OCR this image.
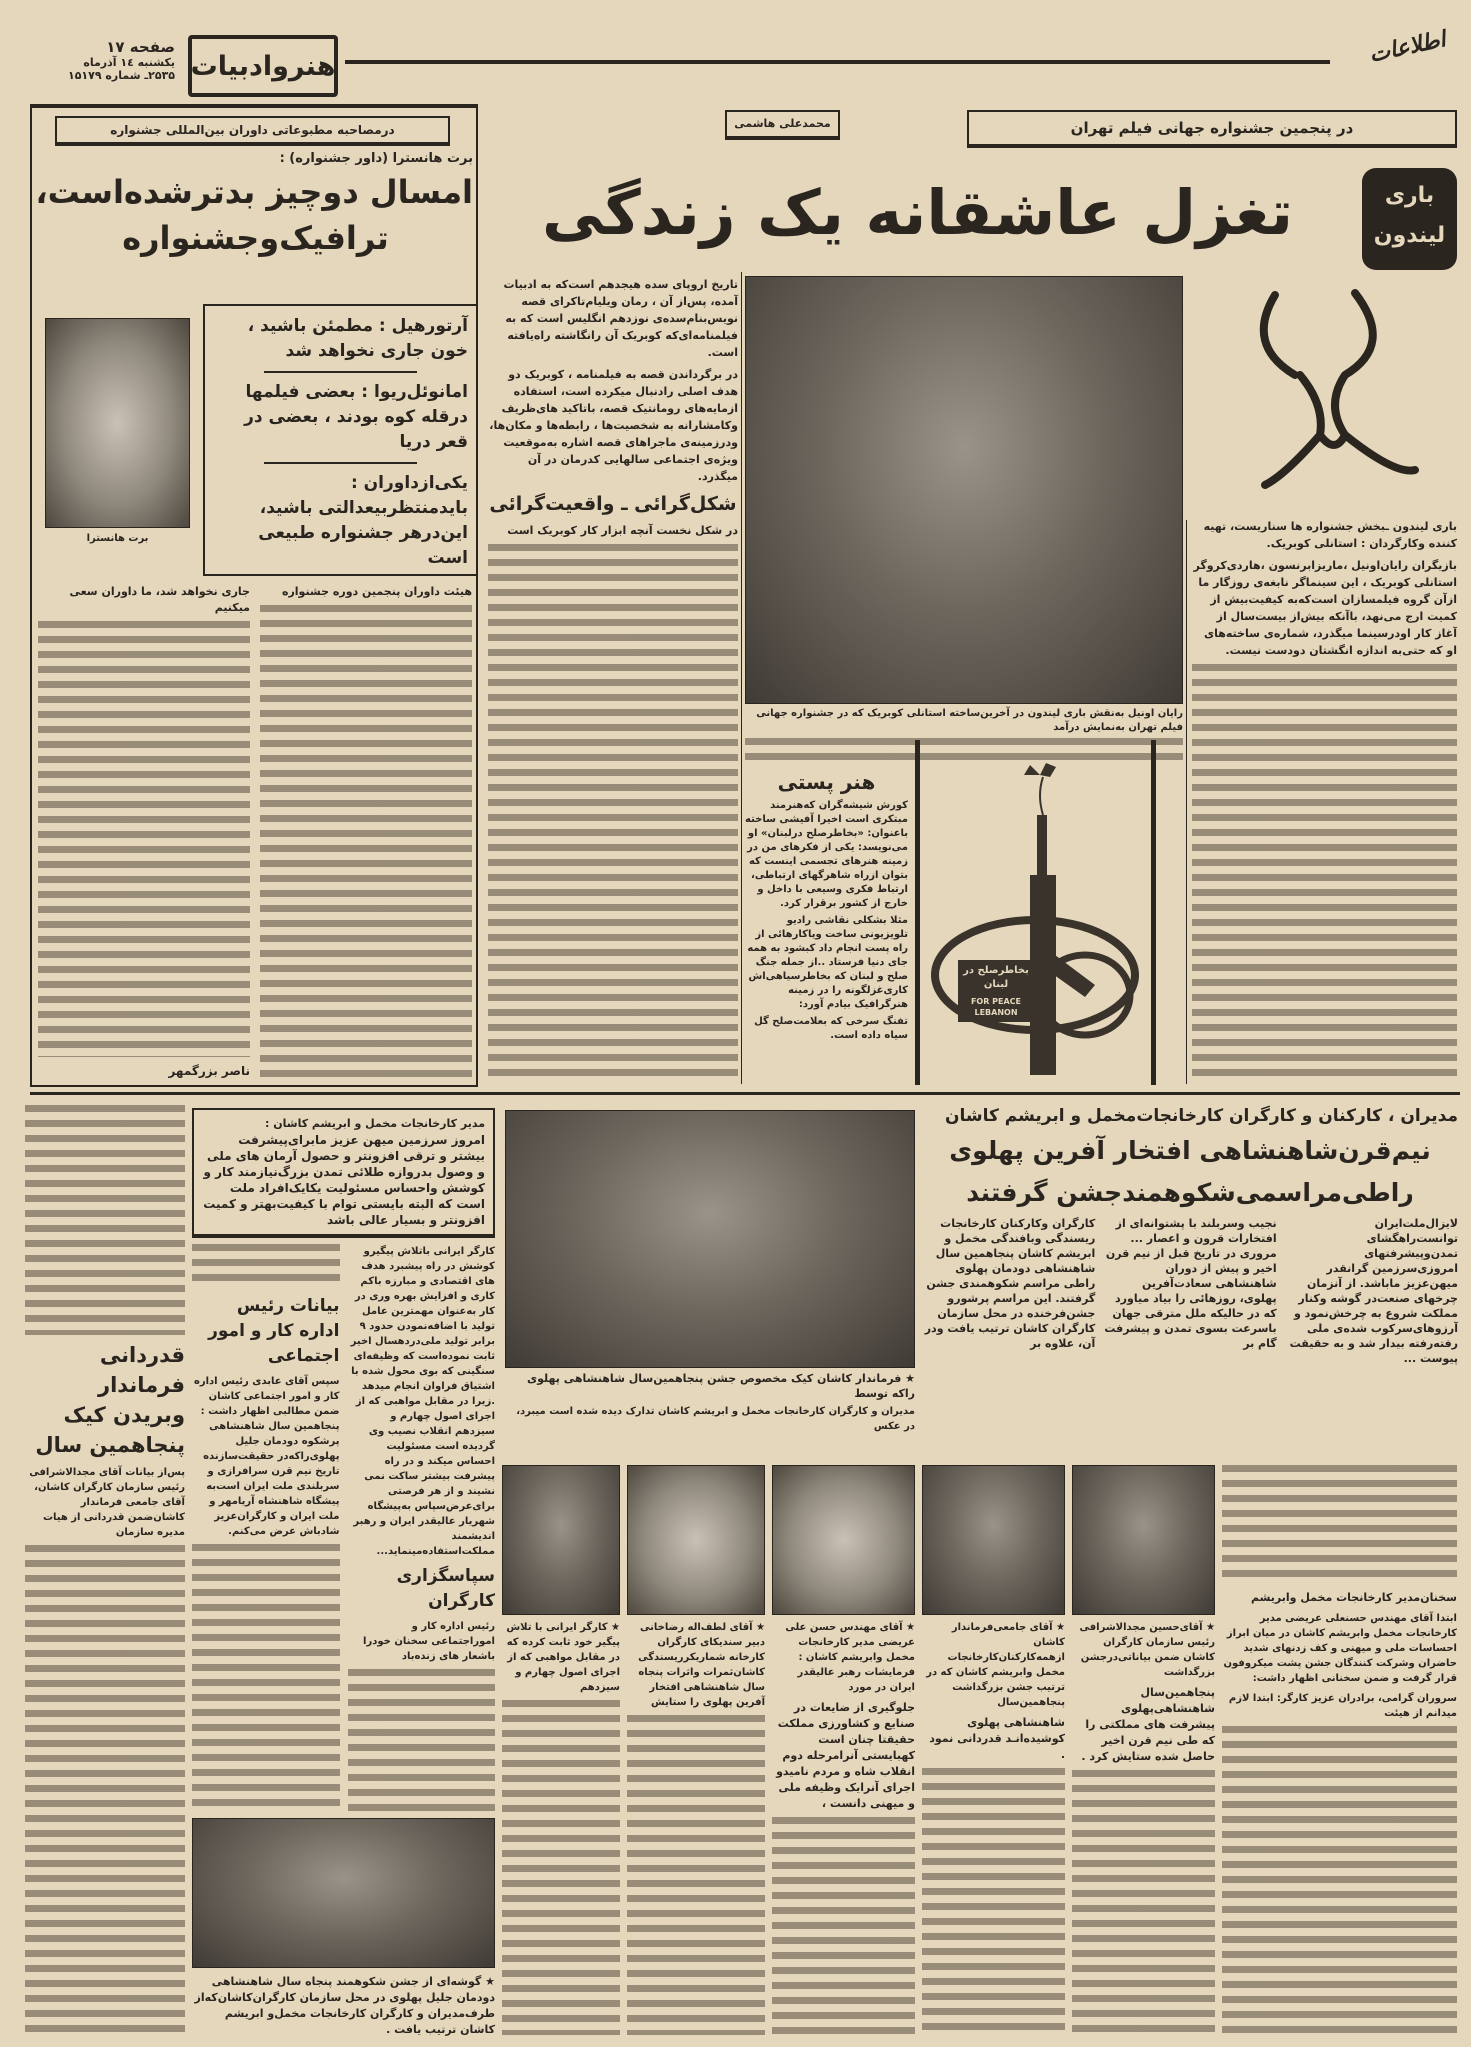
اطلاعات
هنروادبیات
صفحه ۱۷
یکشنبه ۱٤ آذرماه
۲۵۳۵ـ شماره ۱۵۱۷۹
درمصاحبه مطبوعاتی داوران بین‌المللی جشنواره
برت هانسترا (داور جشنواره) :
امسال دوچیز بدترشده‌است،
ترافیک‌وجشنواره
برت هانسترا
آرتورهیل : مطمئن باشید ، خون جاری نخواهد شد
امانوئل‌ریوا : بعضی فیلمها درقله کوه بودند ، بعضی در قعر دریا
یکی‌ازداوران : بایدمنتظربیعدالتی باشید، این‌درهر جشنواره طبیعی است
هیئت داوران پنجمین دوره جشنواره
جاری نخواهد شد، ما داوران سعی میکنیم
ناصر بزرگمهر
در پنجمین جشنواره جهانی فیلم تهران
محمدعلی هاشمی
باری
لیندون
تغزل عاشقانه یک زندگی
تاریخ اروپای سده هیجدهم است‌که به ادبیات آمده، پس‌از آن ، رمان ویلیام‌تاکرای قصه نویس‌بنام‌سده‌ی نوزدهم انگلیس است که به فیلمنامه‌ای‌که کوبریک آن رانگاشته راه‌یافته است.
در برگرداندن قصه به فیلمنامه ، کوبریک دو هدف اصلی رادنبال میکرده است، استفاده ازمایه‌های رومانتیک قصه، باتاکید های‌ظریف وکامشارانه به شخصیت‌ها ، رابطه‌ها و مکان‌ها، ودرزمینه‌ی ماجراهای قصه اشاره به‌موقعیت ویژه‌ی اجتماعی سالهایی کدرمان در آن میگذرد.
شکل‌گرائی ـ واقعیت‌گرائی
در شکل نخست آنچه ابزار کار کوبریک است
رایان اونیل به‌نقش باری لیندون در آخرین‌ساخته استانلی کوبریک که در جشنواره جهانی فیلم تهران به‌نمایش درآمد
باری لیندون ـبخش جشنواره ها سناریست، تهیه کننده وکارگردان : استانلی کوبریک.
بازیگران رایان‌اونیل ،ماریزابرنسون ،هاردی‌کروگر استانلی کوبریک ، این سینماگر نابغه‌ی روزگار ما ازآن گروه فیلمسازان است‌که‌به کیفیت‌بیش از کمیت ارج می‌نهد، باآنکه بیش‌از بیست‌سال از آغاز کار اودرسینما میگذرد، شماره‌ی ساخته‌های او که حتی‌به اندازه انگشتان دودست نیست.
هنر پستی
کورش شیشه‌گران که‌هنرمند مبتکری است اخیرا آفیشی ساخته باعنوان: «بخاطرصلح درلبنان» او می‌نویسد: یکی از فکرهای من در زمینه هنرهای تجسمی اینست که بتوان ازراه شاهرگهای ارتباطی، ارتباط فکری وسیعی با داخل و خارج از کشور برقرار کرد.
مثلا بشکلی نقاشی رادیو تلویزیونی ساخت ویاکارهائی از راه پست انجام داد کبشود به همه جای دنیا فرستاد ..از جمله جنگ صلح و لبنان که بخاطرسیاهی‌اش کاری‌غزلگونه را در زمینه هنرگرافیک بیادم آورد:
تفنگ سرخی که بعلامت‌صلح گل سیاه داده است.
بخاطرصلح در لبنان
FOR PEACE
LEBANON
مدیران ، کارکنان و کارگران کارخانجات‌مخمل و ابریشم کاشان
نیم‌قرن‌شاهنشاهی افتخار آفرین پهلوی
راطی‌مراسمی‌شکوهمندجشن گرفتند
کارگران وکارکنان کارخانجات ریسندگی وبافندگی مخمل و ابریشم کاشان پنجاهمین سال شاهنشاهی دودمان پهلوی راطی مراسم شکوهمندی جشن گرفتند. این مراسم پرشورو جشن‌فرخنده در محل سازمان کارگران کاشان ترتیب یافت ودر آن، علاوه بر
نجیب وسربلند با پشتوانه‌ای از افتخارات قرون و اعصار ... مروری در تاریخ قبل از نیم قرن اخیر و پیش از دوران شاهنشاهی سعادت‌آفرین پهلوی، روزهائی را بیاد میاورد که در حالیکه ملل مترقی جهان باسرعت بسوی تمدن و پیشرفت گام بر
لایزال‌ملت‌ایران توانست‌راهگشای تمدن‌وپیشرفتهای امروزی‌سرزمین گرانقدر میهن‌عزیز ماباشد. از آنزمان چرخهای صنعت‌در گوشه وکنار مملکت شروع به چرخش‌نمود و آرزوهای‌سرکوب شده‌ی ملی رفته‌رفته بیدار شد و به حقیقت پیوست ...
★ فرماندار کاشان کیک مخصوص جشن پنجاهمین‌سال شاهنشاهی پهلوی راکه توسط
مدیران و کارگران کارخانجات مخمل و ابریشم کاشان تدارک دیده شده است میبرد، در عکس
سخنان‌مدیر کارخانجات مخمل وابریشم
ابتدا آقای مهندس حسنعلی عریضی مدیر کارخانجات مخمل وابریشم کاشان در میان ابراز احساسات ملی و میهنی و کف زدنهای شدید حاضران وشرکت کنندگان جشن پشت میکروفون قرار گرفت و ضمن سخنانی اظهار داشت:
سروران گرامی، برادران عزیز کارگر: ابتدا لازم میدانم از هیئت
★ آقای‌حسین مجدالاشرافی رئیس سازمان کارگران کاشان ضمن بیاناتی‌درجشن بزرگداشت
پنجاهمین‌سال شاهنشاهی‌پهلوی پیشرفت های مملکتی را که طی نیم قرن اخیر حاصل شده ستایش کرد .
★ آقای جامعی‌فرماندار کاشان ازهمه‌کارکنان‌کارخانجات مخمل وابریشم کاشان که در ترتیب جشن بزرگداشت پنجاهمین‌سال
شاهنشاهی پهلوی کوشیده‌انـد قدردانی نمود .
★ آقای مهندس حسن علی عریضی مدیر کارخانجات مخمل وابریشم کاشان : فرمایشات رهبر عالیقدر ایران در مورد
جلوگیری از ضایعات در صنایع و کشاورزی مملکت حقیقتا چنان است کهبایستی آنرامرحله دوم انقلاب شاه و مردم نامیدو اجرای آنرایک وظیفه ملی و میهنی دانست ،
★ آقای لطف‌اله رضاخانی دبیر سندیکای کارگران کارخانه شماریکرریسندگی کاشان‌ثمرات واثرات پنجاه سال شاهنشاهی افتخار آفرین پهلوی را ستایش
★ کارگر ایرانی با تلاش پیگیر خود ثابت کرده که در مقابل مواهبی که از اجرای اصول چهارم و سیزدهم
قدردانی فرماندار وبریدن کیک پنجاهمین سال
پس‌از بیانات آقای مجدالاشرافی رئیس سازمان کارگران کاشان، آقای جامعی فرماندار کاشان‌ضمن قدردانی از هیات مدیره سازمان
مدیر کارخانجات مخمل و ابریشم کاشان :
امروز سرزمین میهن عزیز مابرای‌پیشرفت بیشتر و ترقی افزونتر و حصول آرمان های ملی و وصول بدروازه طلائی تمدن بزرگ‌نیازمند کار و کوشش واحساس مسئولیت یکایک‌افراد ملت است که البته بایستی توام با کیفیت‌بهتر و کمیت افزونتر و بسیار عالی باشد
بیانات رئیس اداره کار و امور اجتماعی
سپس آقای عابدی رئیس اداره کار و امور اجتماعی کاشان ضمن مطالبی اظهار داشت : پنجاهمین سال شاهنشاهی پرشکوه دودمان جلیل پهلوی‌راکه‌در حقیقت‌سازنده تاریخ نیم قرن سرافرازی و سربلندی ملت ایران است‌به پیشگاه شاهنشاه آریامهر و ملت ایران و کارگران‌عزیز شادباش عرض می‌کنم.
کارگر ایرانی باتلاش پیگیرو کوشش در راه پیشبرد هدف های اقتصادی و مبارزه باکم کاری و افزایش بهره وری در کار به‌عنوان مهمترین عامل تولید با اضافه‌نمودن حدود ۹ برابر تولید ملی‌دردهسال اخیر ثابت نموده‌است که وظیفه‌ای سنگینی که بوی محول شده با اشتیاق فراوان انجام میدهد .زیرا در مقابل مواهبی که از اجرای اصول چهارم و سیزدهم انقلاب نصیب وی گردیده است مسئولیت احساس میکند و در راه پیشرفت بیشتر ساکت نمی نشیند و از هر فرصتی برای‌عرض‌سپاس به‌پیشگاه شهریار عالیقدر ایران و رهبر اندیشمند مملکت‌استفاده‌مینماید...
سپاسگزاری کارگران
رئیس اداره کار و اموراجتماعی سخنان خودرا باشعار های زنده‌باد
★ گوشه‌ای از جشن شکوهمند پنجاه سال شاهنشاهی دودمان جلیل پهلوی در محل سازمان کارگران‌کاشان‌که‌از طرف‌مدیران و کارگران کارخانجات مخمل‌و ابریشم کاشان ترتیب یافت .
